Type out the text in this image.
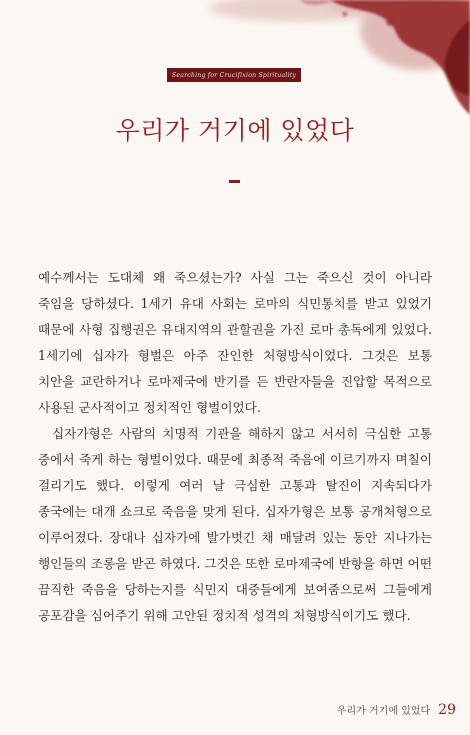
Searching for Crucifixion Spirituality
우리가 거기에 있었다

예수께서는 도대체 왜 죽으셨는가? 사실 그는 죽으신 것이 아니라 죽임을 당하셨다. 1세기 유대 사회는 로마의 식민통치를 받고 있었기 때문에 사형 집행권은 유대지역의 관할권을 가진 로마 총독에게 있었다. 1세기에 십자가 형벌은 아주 잔인한 처형방식이었다. 그것은 보통 치안을 교란하거나 로마제국에 반기를 든 반란자들을 진압할 목적으로 사용된 군사적이고 정치적인 형벌이었다.

십자가형은 사람의 치명적 기관을 해하지 않고 서서히 극심한 고통 중에서 죽게 하는 형벌이었다. 때문에 최종적 죽음에 이르기까지 며칠이 걸리기도 했다. 이렇게 여러 날 극심한 고통과 탈진이 지속되다가 종국에는 대개 쇼크로 죽음을 맞게 된다. 십자가형은 보통 공개처형으로 이루어졌다. 장대나 십자가에 발가벗긴 채 매달려 있는 동안 지나가는 행인들의 조롱을 받곤 하였다. 그것은 또한 로마제국에 반항을 하면 어떤 끔직한 죽음을 당하는지를 식민지 대중들에게 보여줌으로써 그들에게 공포감을 심어주기 위해 고안된 정치적 성격의 처형방식이기도 했다.

우리가 거기에 있었다 29
